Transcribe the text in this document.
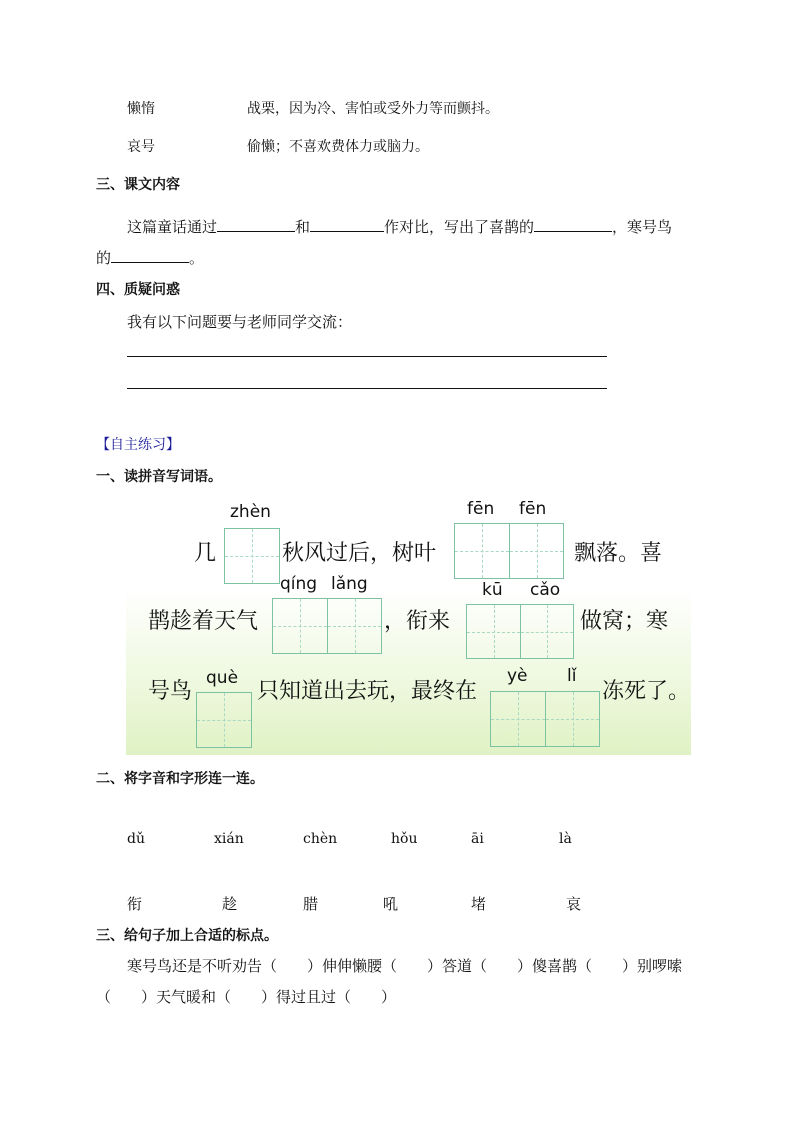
懒惰	战栗，因为冷、害怕或受外力等而颤抖。
哀号	偷懒；不喜欢费体力或脑力。
三、课文内容
这篇童话通过	和	作对比，写出了喜鹊的	，寒号鸟
的	。
四、质疑问惑
我有以下问题要与老师同学交流：
【自主练习】
一、读拼音写词语。
几
zhèn
秋风过后，树叶
fēn fēn
飘落。喜
鹊趁着天气
qíng lǎng
，衔来
kū cǎo
做窝；寒
号鸟
què
只知道出去玩，最终在
yè lǐ
冻死了。
二、将字音和字形连一连。
dǔ	xián	chèn	hǒu	āi	là
衔	趁	腊	吼	堵	哀
三、给句子加上合适的标点。
寒号鸟还是不听劝告（　　）伸伸懒腰（　　）答道（　　）傻喜鹊（　　）别啰嗦
（　　）天气暖和（　　）得过且过（　　）
